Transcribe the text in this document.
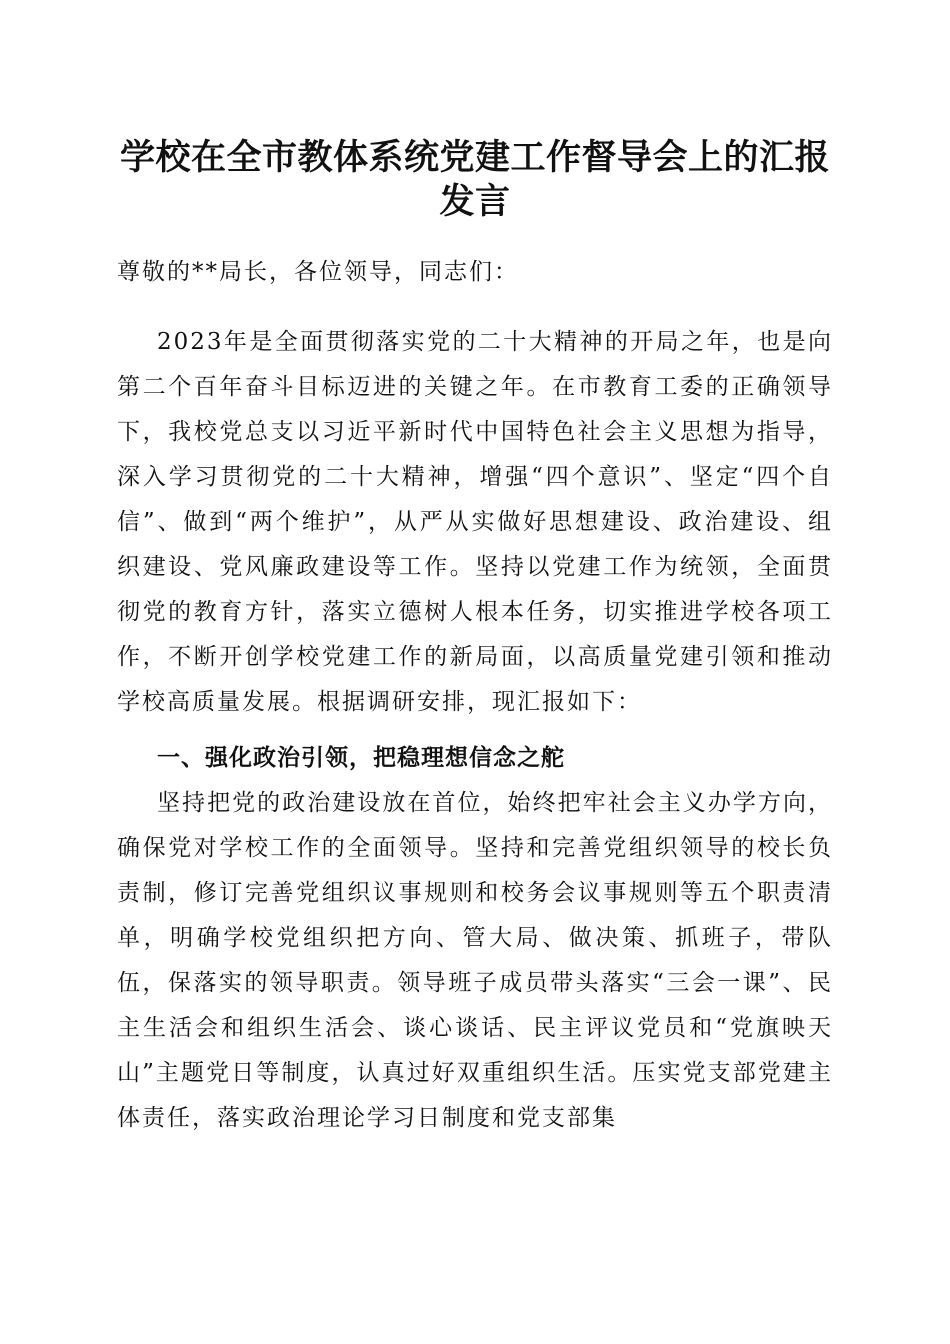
学校在全市教体系统党建工作督导会上的汇报发言
尊敬的**局长，各位领导，同志们：
2023年是全面贯彻落实党的二十大精神的开局之年，也是向第二个百年奋斗目标迈进的关键之年。在市教育工委的正确领导下，我校党总支以习近平新时代中国特色社会主义思想为指导，深入学习贯彻党的二十大精神，增强“四个意识”、坚定“四个自信”、做到“两个维护”，从严从实做好思想建设、政治建设、组织建设、党风廉政建设等工作。坚持以党建工作为统领，全面贯彻党的教育方针，落实立德树人根本任务，切实推进学校各项工作，不断开创学校党建工作的新局面，以高质量党建引领和推动学校高质量发展。根据调研安排，现汇报如下：
一、强化政治引领，把稳理想信念之舵
坚持把党的政治建设放在首位，始终把牢社会主义办学方向，确保党对学校工作的全面领导。坚持和完善党组织领导的校长负责制，修订完善党组织议事规则和校务会议事规则等五个职责清单，明确学校党组织把方向、管大局、做决策、抓班子，带队伍，保落实的领导职责。领导班子成员带头落实“三会一课”、民主生活会和组织生活会、谈心谈话、民主评议党员和“党旗映天山”主题党日等制度，认真过好双重组织生活。压实党支部党建主体责任，落实政治理论学习日制度和党支部集
